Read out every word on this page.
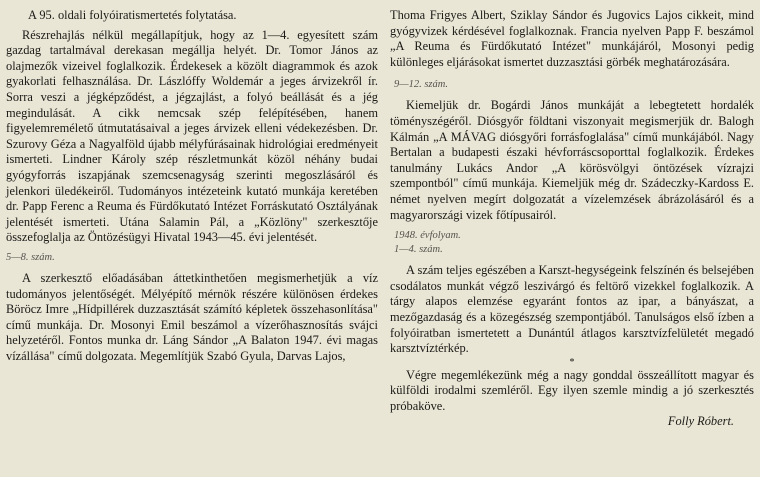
A 95. oldali folyóiratismertetés folytatása.

Részrehajlás nélkül megállapítjuk, hogy az 1—4. egyesített szám gazdag tartalmával derekasan megállja helyét. Dr. Tomor János az olajmezők vizeivel foglalkozik. Érdekesek a közölt diagrammok és azok gyakorlati felhasználása. Dr. Lászlóffy Woldemár a jeges árvizekről ír. Sorra veszi a jégképződést, a jégzajlást, a folyó beállását és a jég megindulását. A cikk nemcsak szép felépítésében, hanem figyelemremélető útmutatásaival a jeges árvizek elleni védekezésben. Dr. Szurovy Géza a Nagyalföld újabb mélyfúrásainak hidrológiai eredményeit ismerteti. Lindner Károly szép részletmunkát közöl néhány budai gyógyforrás iszapjának szemcsenagyság szerinti megoszlásáról és jelenkori üledékeiről. Tudományos intézeteink kutató munkája keretében dr. Papp Ferenc a Reuma és Fürdőkutató Intézet Forráskutató Osztályának jelentését ismerteti. Utána Salamin Pál, a „Közlöny" szerkesztője összefoglalja az Öntözésügyi Hivatal 1943—45. évi jelentését.

5—8. szám.

A szerkesztő előadásában áttetkinthetően megismerhetjük a víz tudományos jelentőségét. Mélyépítő mérnök részére különösen érdekes Böröcz Imre „Hídpillérek duzzasztását számító képletek összehasonlítása" című munkája. Dr. Mosonyi Emil beszámol a vízerőhasznosítás svájci helyzetéről. Fontos munka dr. Láng Sándor „A Balaton 1947. évi magas vízállása" című dolgozata. Megemlítjük Szabó Gyula, Darvas Lajos,

Thoma Frigyes Albert, Sziklay Sándor és Jugovics Lajos cikkeit, mind gyógyvizek kérdésével foglalkoznak. Francia nyelven Papp F. beszámol „A Reuma és Fürdőkutató Intézet" munkájáról, Mosonyi pedig különleges eljárásokat ismertet duzzasztási görbék meghatározására.

9—12. szám.

Kiemeljük dr. Bogárdi János munkáját a lebegtetett hordalék töményszégéről. Diósgyőr földtani viszonyait megismerjük dr. Balogh Kálmán „A MÁVAG diósgyőri forrásfoglalása" című munkájából. Nagy Bertalan a budapesti északi hévforráscsoporttal foglalkozik. Érdekes tanulmány Lukács Andor „A körösvölgyi öntözések vízrajzi szempontból" című munkája. Kiemeljük még dr. Szádeczky-Kardoss E. német nyelven megírt dolgozatát a vízelemzések ábrázolásáról és a magyarországi vizek főtípusairól.

1948. évfolyam.

1—4. szám.

A szám teljes egészében a Karszt-hegységeink felszínén és belsejében csodálatos munkát végző leszivárgó és feltörő vizekkel foglalkozik. A tárgy alapos elemzése egyaránt fontos az ipar, a bányászat, a mezőgazdaság és a közegészség szempontjából. Tanulságos első ízben a folyóiratban ismertetett a Dunántúl átlagos karsztvízfelületét megadó karsztvíztérkép.

*

Végre megemlékezünk még a nagy gonddal összeállított magyar és külföldi irodalmi szemléről. Egy ilyen szemle mindig a jó szerkesztés próbaköve.

Folly Róbert.
